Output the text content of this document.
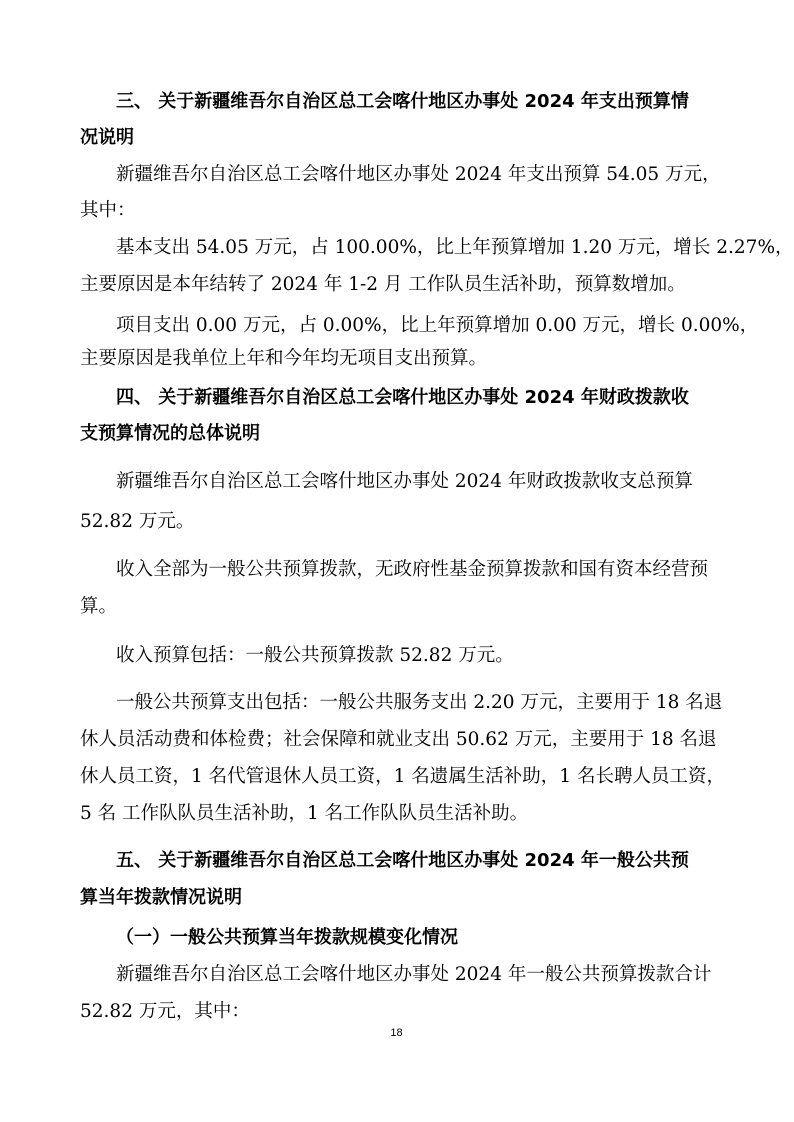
三、 关于新疆维吾尔自治区总工会喀什地区办事处 2024 年支出预算情
况说明
新疆维吾尔自治区总工会喀什地区办事处 2024 年支出预算 54.05 万元，
其中：
基本支出 54.05 万元，占 100.00%，比上年预算增加 1.20 万元，增长 2.27%，
主要原因是本年结转了 2024 年 1-2 月 工作队员生活补助，预算数增加。
项目支出 0.00 万元，占 0.00%，比上年预算增加 0.00 万元，增长 0.00%，
主要原因是我单位上年和今年均无项目支出预算。
四、 关于新疆维吾尔自治区总工会喀什地区办事处 2024 年财政拨款收
支预算情况的总体说明
新疆维吾尔自治区总工会喀什地区办事处 2024 年财政拨款收支总预算
52.82 万元。
收入全部为一般公共预算拨款，无政府性基金预算拨款和国有资本经营预
算。
收入预算包括：一般公共预算拨款 52.82 万元。
一般公共预算支出包括：一般公共服务支出 2.20 万元，主要用于 18 名退
休人员活动费和体检费；社会保障和就业支出 50.62 万元，主要用于 18 名退
休人员工资，1 名代管退休人员工资，1 名遗属生活补助，1 名长聘人员工资，
5 名 工作队队员生活补助，1 名工作队队员生活补助。
五、 关于新疆维吾尔自治区总工会喀什地区办事处 2024 年一般公共预
算当年拨款情况说明
（一）一般公共预算当年拨款规模变化情况
新疆维吾尔自治区总工会喀什地区办事处 2024 年一般公共预算拨款合计
52.82 万元，其中：
18
